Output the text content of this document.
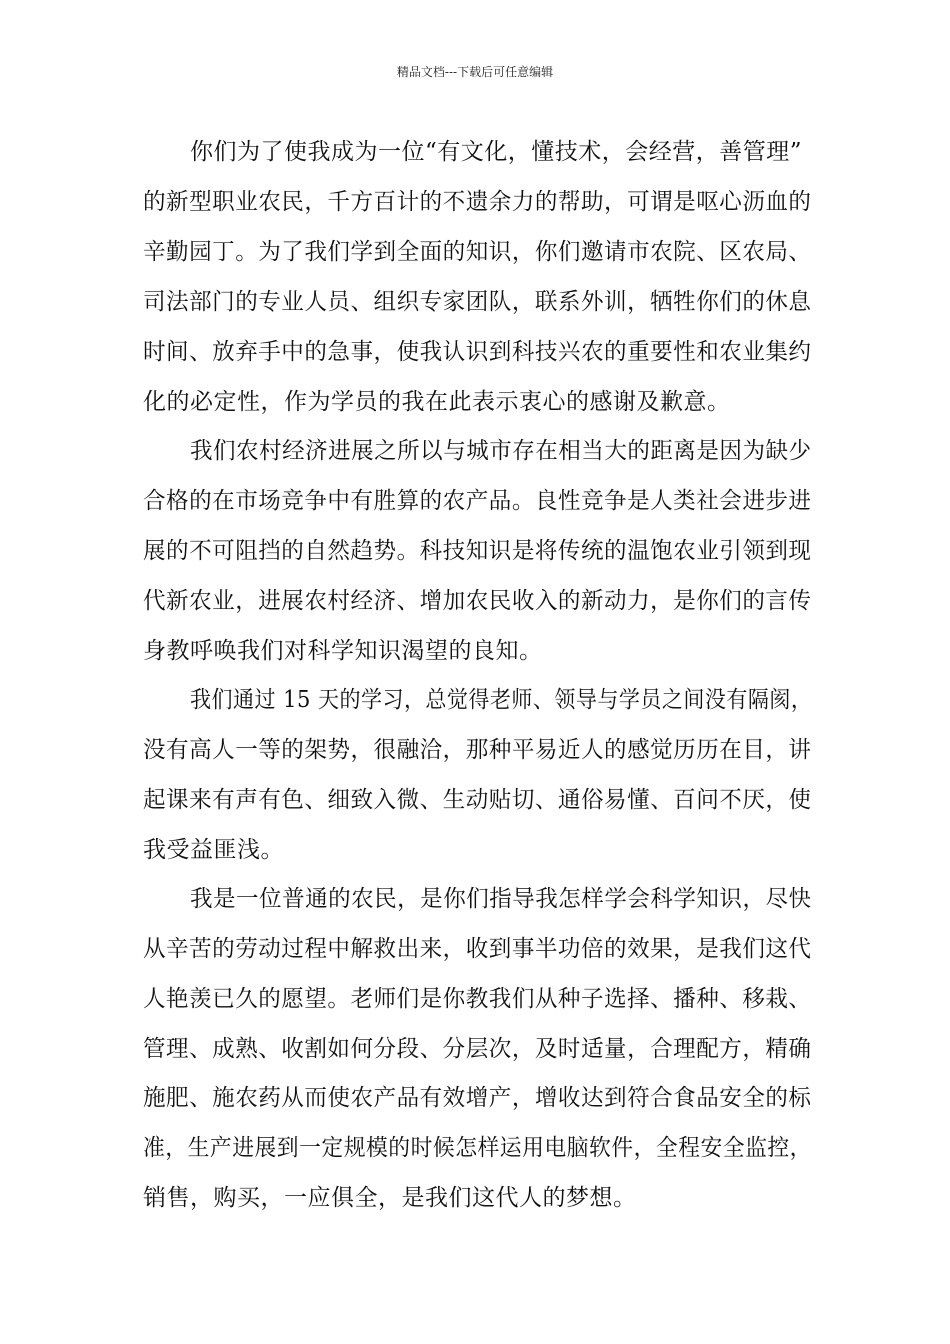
精品文档---下载后可任意编辑
你们为了使我成为一位“有文化，懂技术，会经营，善管理”
的新型职业农民，千方百计的不遗余力的帮助，可谓是呕心沥血的
辛勤园丁。为了我们学到全面的知识，你们邀请市农院、区农局、
司法部门的专业人员、组织专家团队，联系外训，牺牲你们的休息
时间、放弃手中的急事，使我认识到科技兴农的重要性和农业集约
化的必定性，作为学员的我在此表示衷心的感谢及歉意。
我们农村经济进展之所以与城市存在相当大的距离是因为缺少
合格的在市场竞争中有胜算的农产品。良性竞争是人类社会进步进
展的不可阻挡的自然趋势。科技知识是将传统的温饱农业引领到现
代新农业，进展农村经济、增加农民收入的新动力，是你们的言传
身教呼唤我们对科学知识渴望的良知。
我们通过 15 天的学习，总觉得老师、领导与学员之间没有隔阂，
没有高人一等的架势，很融洽，那种平易近人的感觉历历在目，讲
起课来有声有色、细致入微、生动贴切、通俗易懂、百问不厌，使
我受益匪浅。
我是一位普通的农民，是你们指导我怎样学会科学知识，尽快
从辛苦的劳动过程中解救出来，收到事半功倍的效果，是我们这代
人艳羡已久的愿望。老师们是你教我们从种子选择、播种、移栽、
管理、成熟、收割如何分段、分层次，及时适量，合理配方，精确
施肥、施农药从而使农产品有效增产，增收达到符合食品安全的标
准，生产进展到一定规模的时候怎样运用电脑软件，全程安全监控，
销售，购买，一应俱全，是我们这代人的梦想。
